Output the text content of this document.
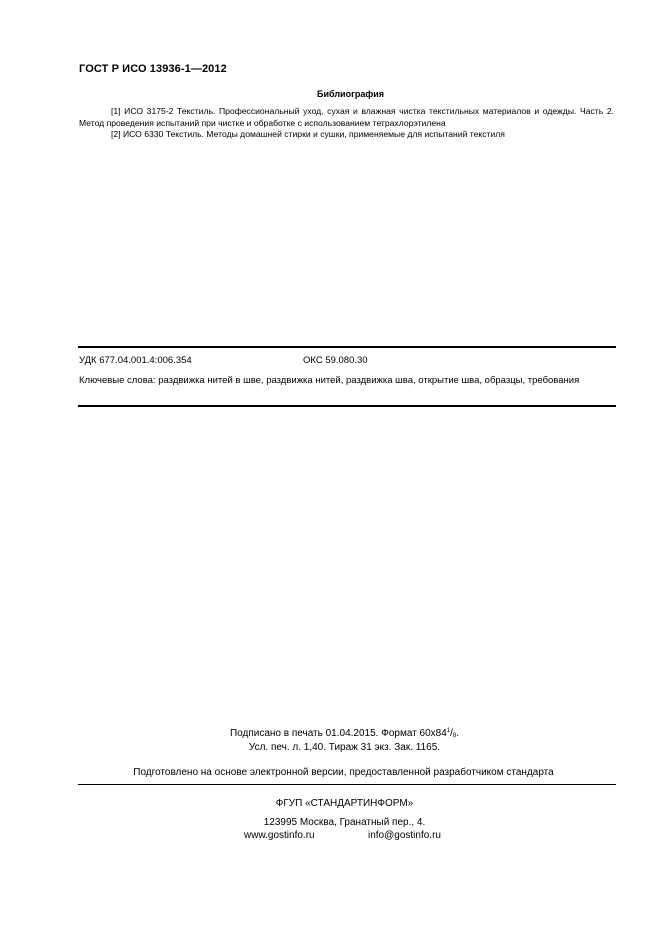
ГОСТ Р ИСО 13936-1—2012
Библиография

[1] ИСО 3175-2 Текстиль. Профессиональный уход, сухая и влажная чистка текстильных материалов и одежды. Часть 2. Метод проведения испытаний при чистке и обработке с использованием тетрахлорэтилена

[2] ИСО 6330 Текстиль. Методы домашней стирки и сушки, применяемые для испытаний текстиля

УДК 677.04.001.4:006.354	ОКС 59.080.30
Ключевые слова: раздвижка нитей в шве, раздвижка нитей, раздвижка шва, открытие шва, образцы, требования
Подписано в печать 01.04.2015. Формат $60x84^1/_8$.
Усл. печ. л. 1,40. Тираж 31 экз. Зак. 1165.
Подготовлено на основе электронной версии, предоставленной разработчиком стандарта
ФГУП «СТАНДАРТИНФОРМ»
123995 Москва, Гранатный пер., 4.
www.gostinfo.ru	info@gostinfo.ru
